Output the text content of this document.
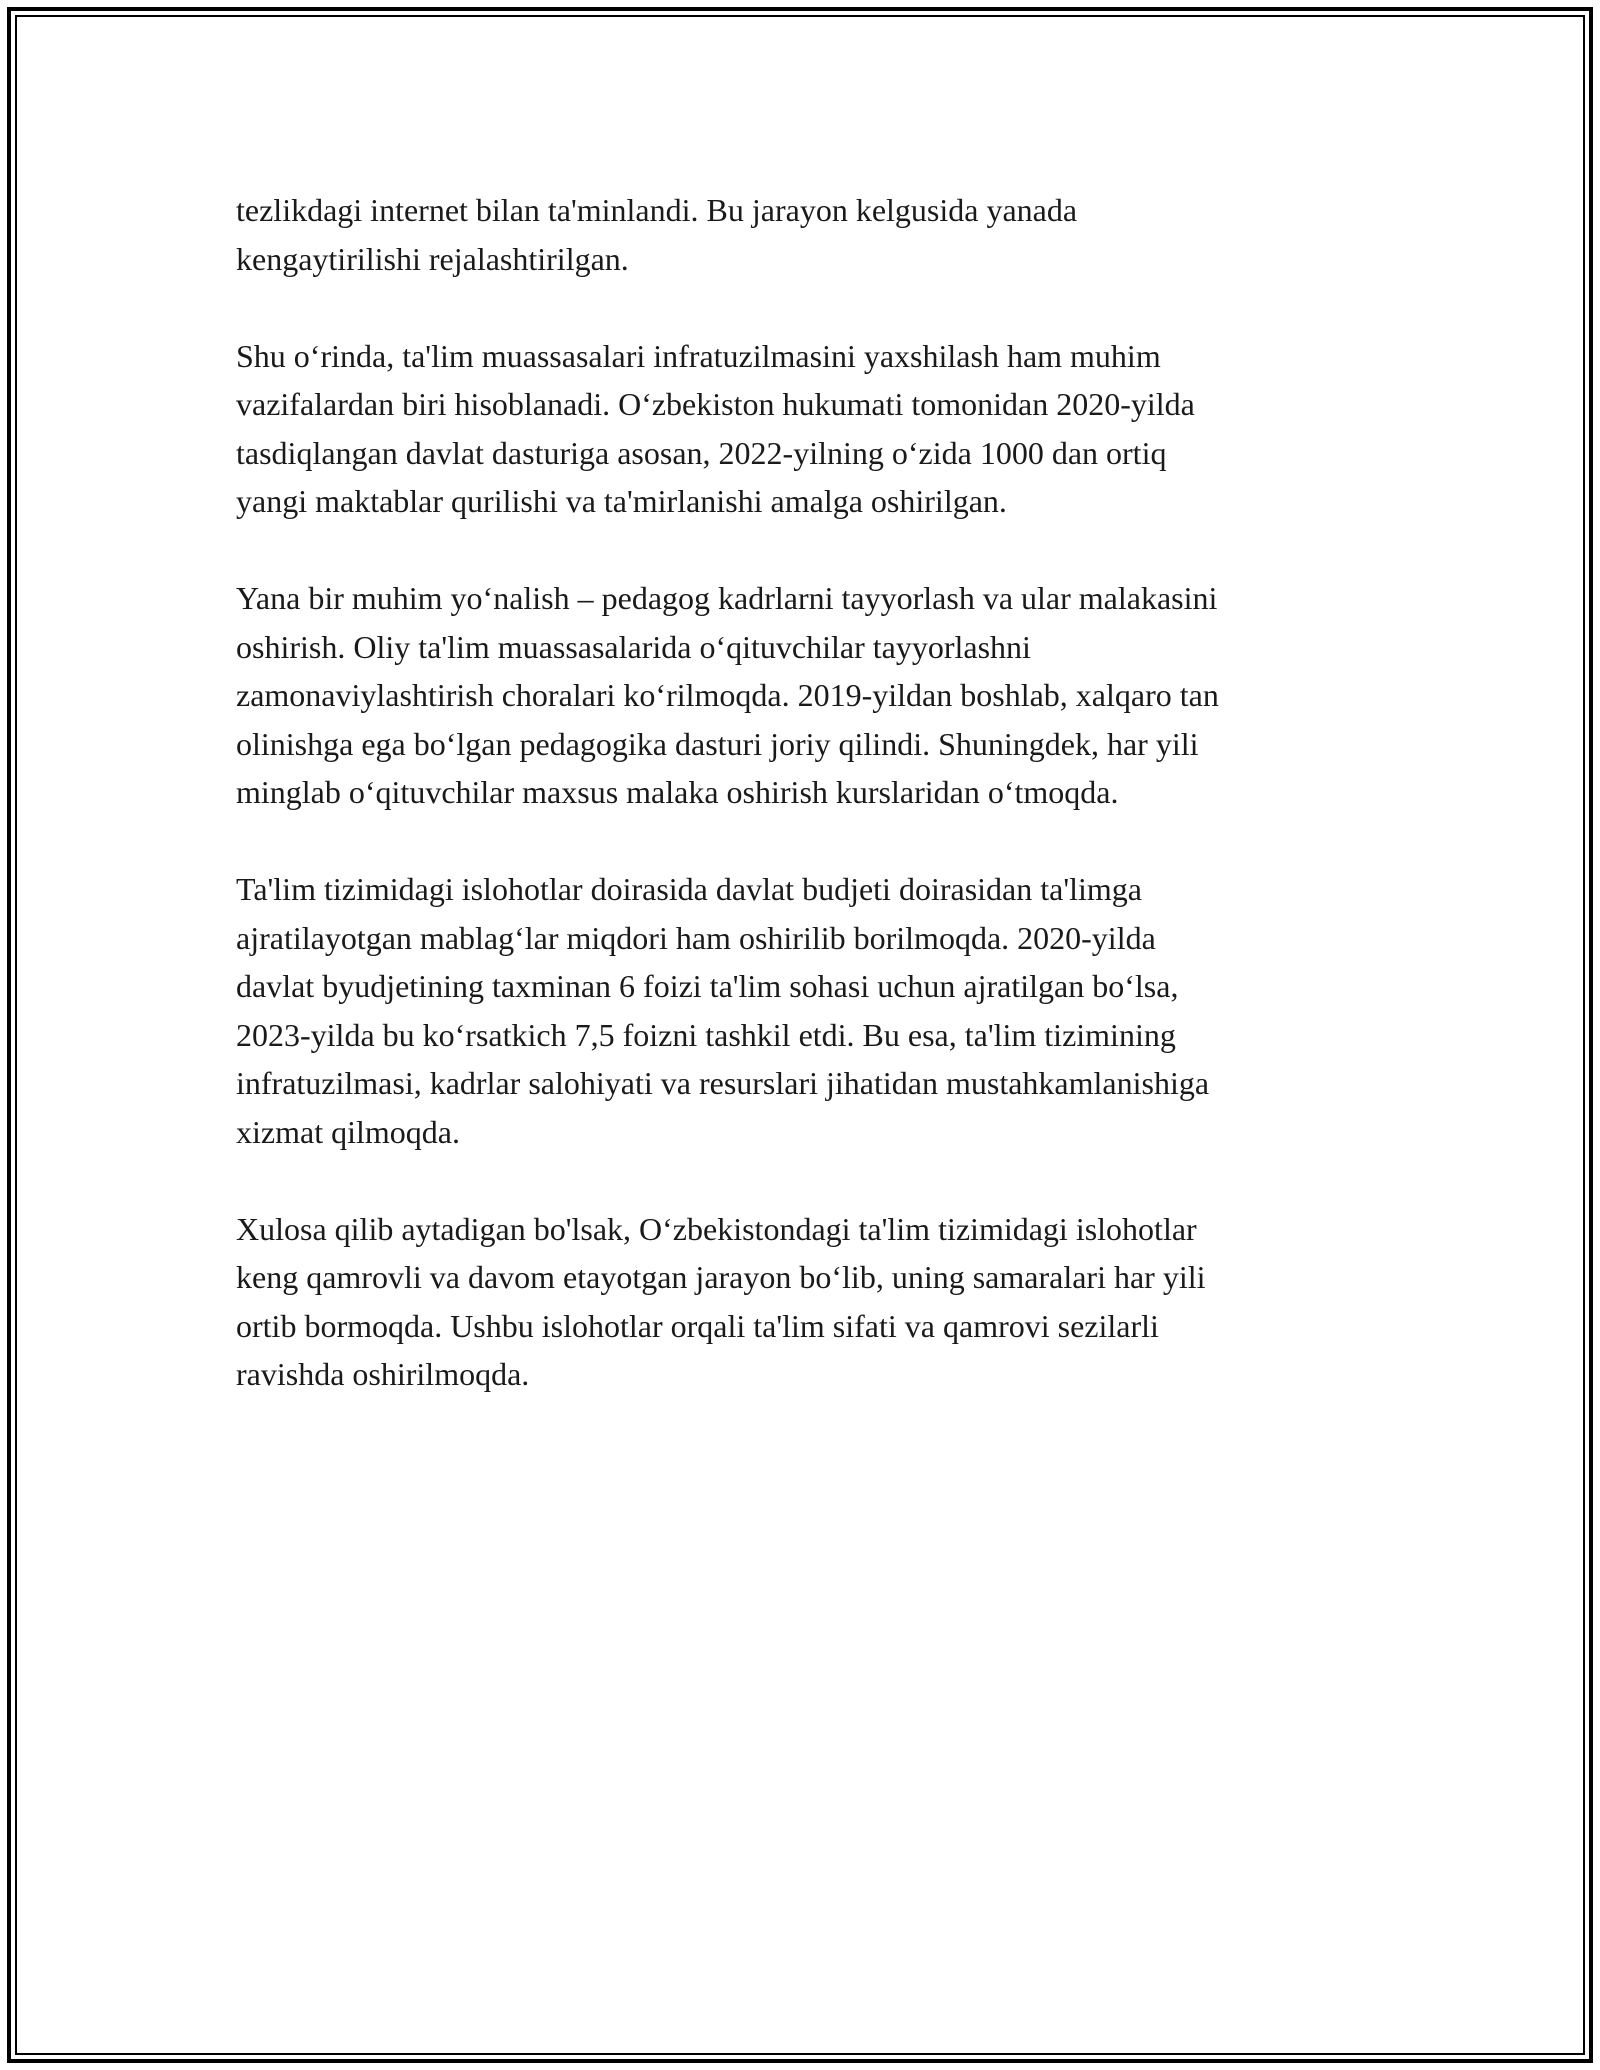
tezlikdagi internet bilan ta'minlandi. Bu jarayon kelgusida yanada
kengaytirilishi rejalashtirilgan.

Shu o‘rinda, ta'lim muassasalari infratuzilmasini yaxshilash ham muhim
vazifalardan biri hisoblanadi. O‘zbekiston hukumati tomonidan 2020-yilda
tasdiqlangan davlat dasturiga asosan, 2022-yilning o‘zida 1000 dan ortiq
yangi maktablar qurilishi va ta'mirlanishi amalga oshirilgan.

Yana bir muhim yo‘nalish – pedagog kadrlarni tayyorlash va ular malakasini
oshirish. Oliy ta'lim muassasalarida o‘qituvchilar tayyorlashni
zamonaviylashtirish choralari ko‘rilmoqda. 2019-yildan boshlab, xalqaro tan
olinishga ega bo‘lgan pedagogika dasturi joriy qilindi. Shuningdek, har yili
minglab o‘qituvchilar maxsus malaka oshirish kurslaridan o‘tmoqda.

Ta'lim tizimidagi islohotlar doirasida davlat budjeti doirasidan ta'limga
ajratilayotgan mablag‘lar miqdori ham oshirilib borilmoqda. 2020-yilda
davlat byudjetining taxminan 6 foizi ta'lim sohasi uchun ajratilgan bo‘lsa,
2023-yilda bu ko‘rsatkich 7,5 foizni tashkil etdi. Bu esa, ta'lim tizimining
infratuzilmasi, kadrlar salohiyati va resurslari jihatidan mustahkamlanishiga
xizmat qilmoqda.

Xulosa qilib aytadigan bo'lsak, O‘zbekistondagi ta'lim tizimidagi islohotlar
keng qamrovli va davom etayotgan jarayon bo‘lib, uning samaralari har yili
ortib bormoqda. Ushbu islohotlar orqali ta'lim sifati va qamrovi sezilarli
ravishda oshirilmoqda.
